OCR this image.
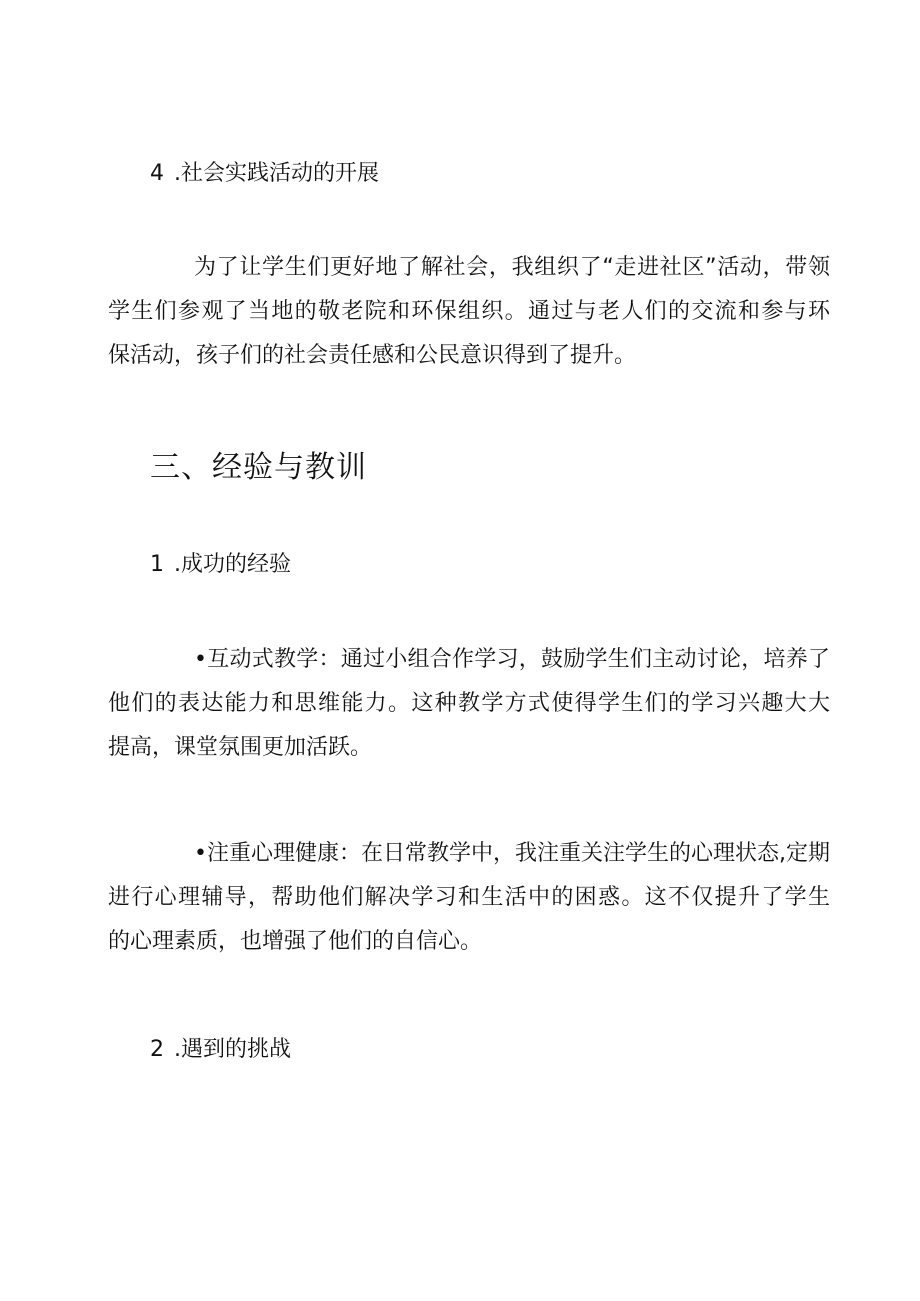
4 .社会实践活动的开展
为了让学生们更好地了解社会，我组织了“走进社区”活动，带领
学生们参观了当地的敬老院和环保组织。通过与老人们的交流和参与环
保活动，孩子们的社会责任感和公民意识得到了提升。
三、经验与教训
1 .成功的经验
•互动式教学：通过小组合作学习，鼓励学生们主动讨论，培养了
他们的表达能力和思维能力。这种教学方式使得学生们的学习兴趣大大
提高，课堂氛围更加活跃。
•注重心理健康：在日常教学中，我注重关注学生的心理状态,定期
进行心理辅导，帮助他们解决学习和生活中的困惑。这不仅提升了学生
的心理素质，也增强了他们的自信心。
2 .遇到的挑战
